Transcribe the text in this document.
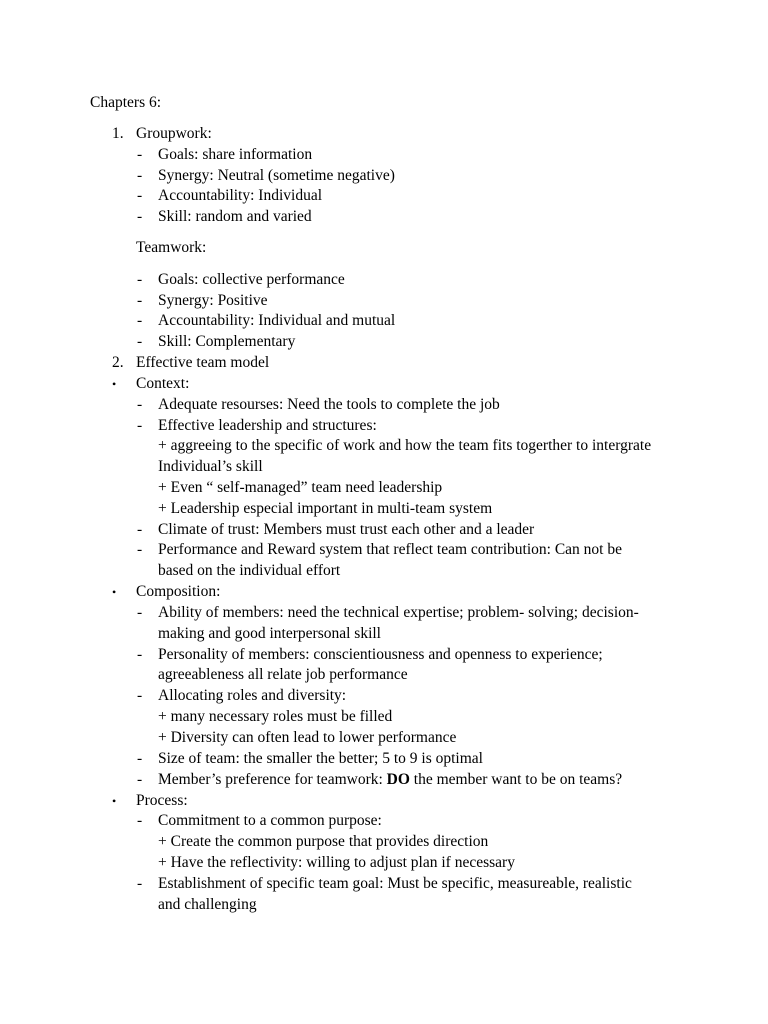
Chapters 6:
1. Groupwork:
- Goals: share information
- Synergy: Neutral (sometime negative)
- Accountability: Individual
- Skill: random and varied
Teamwork:
- Goals: collective performance
- Synergy: Positive
- Accountability: Individual and mutual
- Skill: Complementary
2. Effective team model
• Context:
- Adequate resourses: Need the tools to complete the job
- Effective leadership and structures:
+ aggreeing to the specific of work and how the team fits togerther to intergrate
Individual’s skill
+ Even “ self-managed” team need leadership
+ Leadership especial important in multi-team system
- Climate of trust: Members must trust each other and a leader
- Performance and Reward system that reflect team contribution: Can not be
based on the individual effort
• Composition:
- Ability of members: need the technical expertise; problem- solving; decision-
making and good interpersonal skill
- Personality of members: conscientiousness and openness to experience;
agreeableness all relate job performance
- Allocating roles and diversity:
+ many necessary roles must be filled
+ Diversity can often lead to lower performance
- Size of team: the smaller the better; 5 to 9 is optimal
- Member’s preference for teamwork: DO the member want to be on teams?
• Process:
- Commitment to a common purpose:
+ Create the common purpose that provides direction
+ Have the reflectivity: willing to adjust plan if necessary
- Establishment of specific team goal: Must be specific, measureable, realistic
and challenging
